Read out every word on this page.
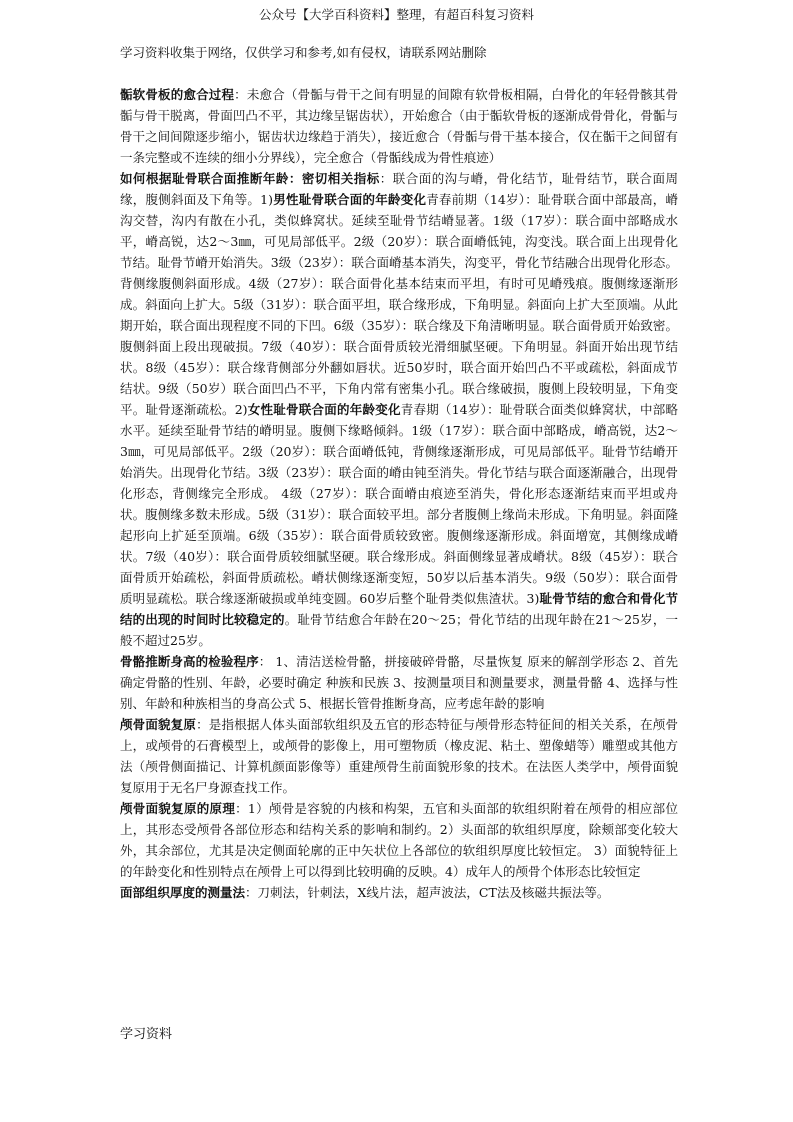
公众号【大学百科资料】整理，有超百科复习资料
学习资料收集于网络，仅供学习和参考,如有侵权，请联系网站删除

骺软骨板的愈合过程：未愈合（骨骺与骨干之间有明显的间隙有软骨板相隔，白骨化的年轻骨骸其骨骺与骨干脱离，骨面凹凸不平，其边缘呈锯齿状），开始愈合（由于骺软骨板的逐渐成骨骨化，骨骺与骨干之间间隙逐步缩小，锯齿状边缘趋于消失），接近愈合（骨骺与骨干基本接合，仅在骺干之间留有一条完整或不连续的细小分界线），完全愈合（骨骺线成为骨性痕迹）

如何根据耻骨联合面推断年龄：密切相关指标：联合面的沟与嵴，骨化结节，耻骨结节，联合面周缘，腹侧斜面及下角等。1)男性耻骨联合面的年龄变化青春前期（14岁）：耻骨联合面中部最高，嵴沟交替，沟内有散在小孔，类似蜂窝状。延续至耻骨节结嵴显著。1级（17岁）：联合面中部略成水平，嵴高锐，达2～3㎜，可见局部低平。2级（20岁）：联合面嵴低钝，沟变浅。联合面上出现骨化节结。耻骨节嵴开始消失。3级（23岁）：联合面嵴基本消失，沟变平，骨化节结融合出现骨化形态。背侧缘腹侧斜面形成。4级（27岁）：联合面骨化基本结束而平坦，有时可见嵴残痕。腹侧缘逐渐形成。斜面向上扩大。5级（31岁）：联合面平坦，联合缘形成，下角明显。斜面向上扩大至顶端。从此期开始，联合面出现程度不同的下凹。6级（35岁）：联合缘及下角清晰明显。联合面骨质开始致密。腹侧斜面上段出现破损。7级（40岁）：联合面骨质较光滑细腻坚硬。下角明显。斜面开始出现节结状。8级（45岁）：联合缘背侧部分外翻如唇状。近50岁时，联合面开始凹凸不平或疏松，斜面成节结状。9级（50岁）联合面凹凸不平，下角内常有密集小孔。联合缘破损，腹侧上段较明显，下角变平。耻骨逐渐疏松。2)女性耻骨联合面的年龄变化青春期（14岁）：耻骨联合面类似蜂窝状，中部略水平。延续至耻骨节结的嵴明显。腹侧下缘略倾斜。1级（17岁）：联合面中部略成，嵴高锐，达2～3㎜，可见局部低平。2级（20岁）：联合面嵴低钝，背侧缘逐渐形成，可见局部低平。耻骨节结嵴开始消失。出现骨化节结。3级（23岁）：联合面的嵴由钝至消失。骨化节结与联合面逐渐融合，出现骨化形态，背侧缘完全形成。 4级（27岁）：联合面嵴由痕迹至消失，骨化形态逐渐结束而平坦或舟状。腹侧缘多数未形成。5级（31岁）：联合面较平坦。部分者腹侧上缘尚未形成。下角明显。斜面隆起形向上扩延至顶端。6级（35岁）：联合面骨质较致密。腹侧缘逐渐形成。斜面增宽，其侧缘成嵴状。7级（40岁）：联合面骨质较细腻坚硬。联合缘形成。斜面侧缘显著成嵴状。8级（45岁）：联合面骨质开始疏松，斜面骨质疏松。嵴状侧缘逐渐变短，50岁以后基本消失。9级（50岁）：联合面骨质明显疏松。联合缘逐渐破损或单纯变圆。60岁后整个耻骨类似焦渣状。3)耻骨节结的愈合和骨化节结的出现的时间时比较稳定的。耻骨节结愈合年龄在20～25；骨化节结的出现年龄在21～25岁，一般不超过25岁。

骨骼推断身高的检验程序： 1、清洁送检骨骼，拼接破碎骨骼，尽量恢复 原来的解剖学形态 2、首先确定骨骼的性别、年龄，必要时确定 种族和民族 3、按测量项目和测量要求，测量骨骼 4、选择与性别、年龄和种族相当的身高公式 5、根据长管骨推断身高，应考虑年龄的影响

颅骨面貌复原：是指根据人体头面部软组织及五官的形态特征与颅骨形态特征间的相关关系，在颅骨上，或颅骨的石膏模型上，或颅骨的影像上，用可塑物质（橡皮泥、粘土、塑像蜡等）雕塑或其他方法（颅骨侧面描记、计算机颜面影像等）重建颅骨生前面貌形象的技术。在法医人类学中，颅骨面貌复原用于无名尸身源查找工作。

颅骨面貌复原的原理：1）颅骨是容貌的内核和构架，五官和头面部的软组织附着在颅骨的相应部位上，其形态受颅骨各部位形态和结构关系的影响和制约。2）头面部的软组织厚度，除颊部变化较大外，其余部位，尤其是决定侧面轮廓的正中矢状位上各部位的软组织厚度比较恒定。 3）面貌特征上的年龄变化和性别特点在颅骨上可以得到比较明确的反映。4）成年人的颅骨个体形态比较恒定

面部组织厚度的测量法：刀刺法，针刺法，X线片法，超声波法，CT法及核磁共振法等。

学习资料
